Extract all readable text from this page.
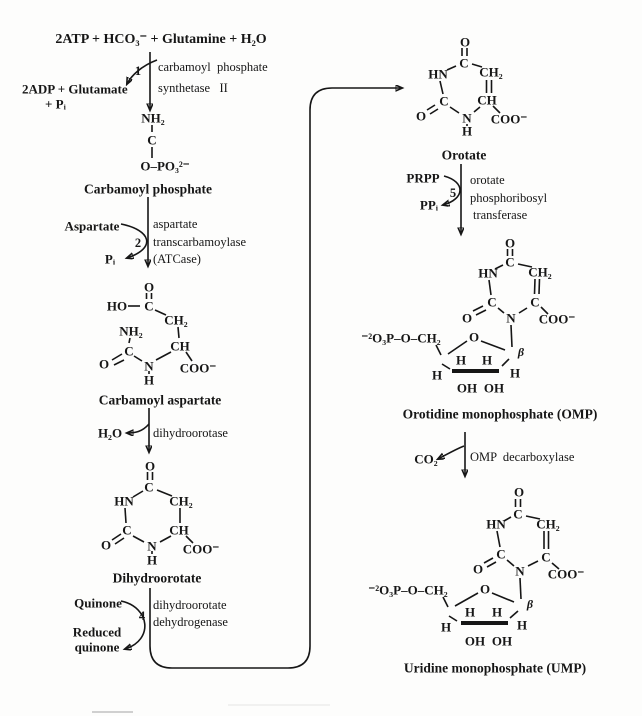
2ATP + HCO₃⁻ + Glutamine + H₂O
1 carbamoyl  phosphate
synthetase   II
2ADP + Glutamate
+ Pᵢ
NH₂
C
O–PO₃²⁻
Carbamoyl phosphate
Aspartate
2
Pᵢ
aspartate
transcarbamoylase
(ATCase)
O
HO C
CH₂
NH₂
C
O	N
H
CH
COO⁻
Carbamoyl aspartate
H₂O dihydroorotase
O
C
HN	CH₂
C	CH
O	N
H
COO⁻
Dihydroorotate
Quinone
4
Reduced
quinone
dihydroorotate
dehydrogenase
O
C
HN CH₂
C CH
O	N
H
COO⁻
Orotate
PRPP
5
PPᵢ
orotate
phosphoribosyl
transferase
O
C
HN CH₂
C	C
O	N COO⁻
⁻²O₃P–O–CH₂ O
H H
H	H
β
OH OH
Orotidine monophosphate (OMP)
CO₂	OMP  decarboxylase
O
C
HN CH₂
C	C
O N COO⁻
⁻²O₃P–O–CH₂ O
H H
H	H
β
OH OH
Uridine monophosphate (UMP)
